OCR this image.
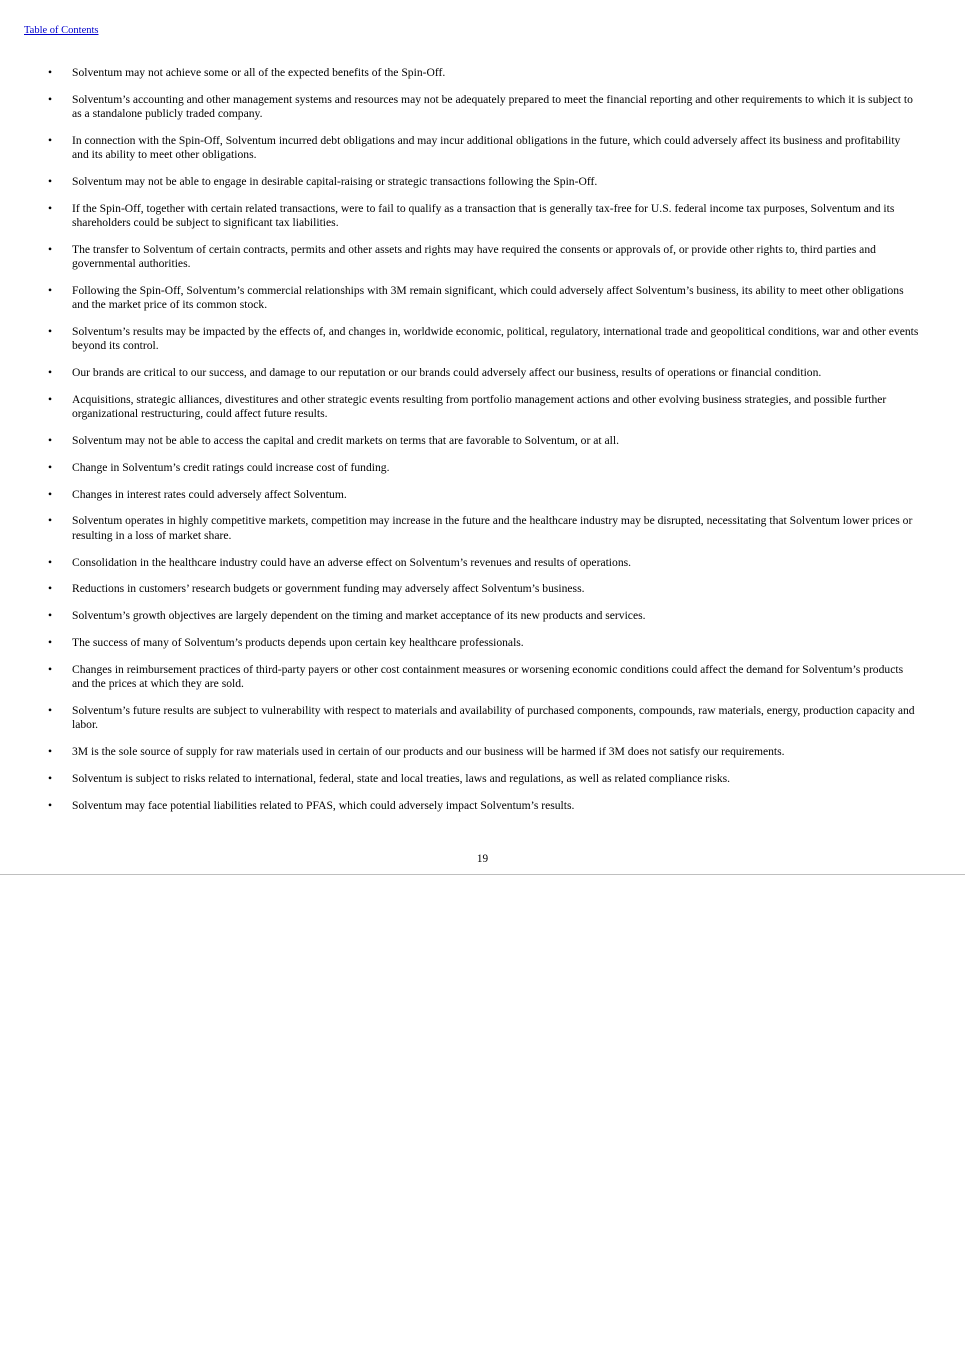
Table of Contents
• Solventum may not achieve some or all of the expected benefits of the Spin-Off.
• Solventum’s accounting and other management systems and resources may not be adequately prepared to meet the financial reporting and other requirements to which it is subject to as a standalone publicly traded company.
• In connection with the Spin-Off, Solventum incurred debt obligations and may incur additional obligations in the future, which could adversely affect its business and profitability and its ability to meet other obligations.
• Solventum may not be able to engage in desirable capital-raising or strategic transactions following the Spin-Off.
• If the Spin-Off, together with certain related transactions, were to fail to qualify as a transaction that is generally tax-free for U.S. federal income tax purposes, Solventum and its shareholders could be subject to significant tax liabilities.
• The transfer to Solventum of certain contracts, permits and other assets and rights may have required the consents or approvals of, or provide other rights to, third parties and governmental authorities.
• Following the Spin-Off, Solventum’s commercial relationships with 3M remain significant, which could adversely affect Solventum’s business, its ability to meet other obligations and the market price of its common stock.
• Solventum’s results may be impacted by the effects of, and changes in, worldwide economic, political, regulatory, international trade and geopolitical conditions, war and other events beyond its control.
• Our brands are critical to our success, and damage to our reputation or our brands could adversely affect our business, results of operations or financial condition.
• Acquisitions, strategic alliances, divestitures and other strategic events resulting from portfolio management actions and other evolving business strategies, and possible further organizational restructuring, could affect future results.
• Solventum may not be able to access the capital and credit markets on terms that are favorable to Solventum, or at all.
• Change in Solventum’s credit ratings could increase cost of funding.
• Changes in interest rates could adversely affect Solventum.
• Solventum operates in highly competitive markets, competition may increase in the future and the healthcare industry may be disrupted, necessitating that Solventum lower prices or resulting in a loss of market share.
• Consolidation in the healthcare industry could have an adverse effect on Solventum’s revenues and results of operations.
• Reductions in customers’ research budgets or government funding may adversely affect Solventum’s business.
• Solventum’s growth objectives are largely dependent on the timing and market acceptance of its new products and services.
• The success of many of Solventum’s products depends upon certain key healthcare professionals.
• Changes in reimbursement practices of third-party payers or other cost containment measures or worsening economic conditions could affect the demand for Solventum’s products and the prices at which they are sold.
• Solventum’s future results are subject to vulnerability with respect to materials and availability of purchased components, compounds, raw materials, energy, production capacity and labor.
• 3M is the sole source of supply for raw materials used in certain of our products and our business will be harmed if 3M does not satisfy our requirements.
• Solventum is subject to risks related to international, federal, state and local treaties, laws and regulations, as well as related compliance risks.
• Solventum may face potential liabilities related to PFAS, which could adversely impact Solventum’s results.
19
